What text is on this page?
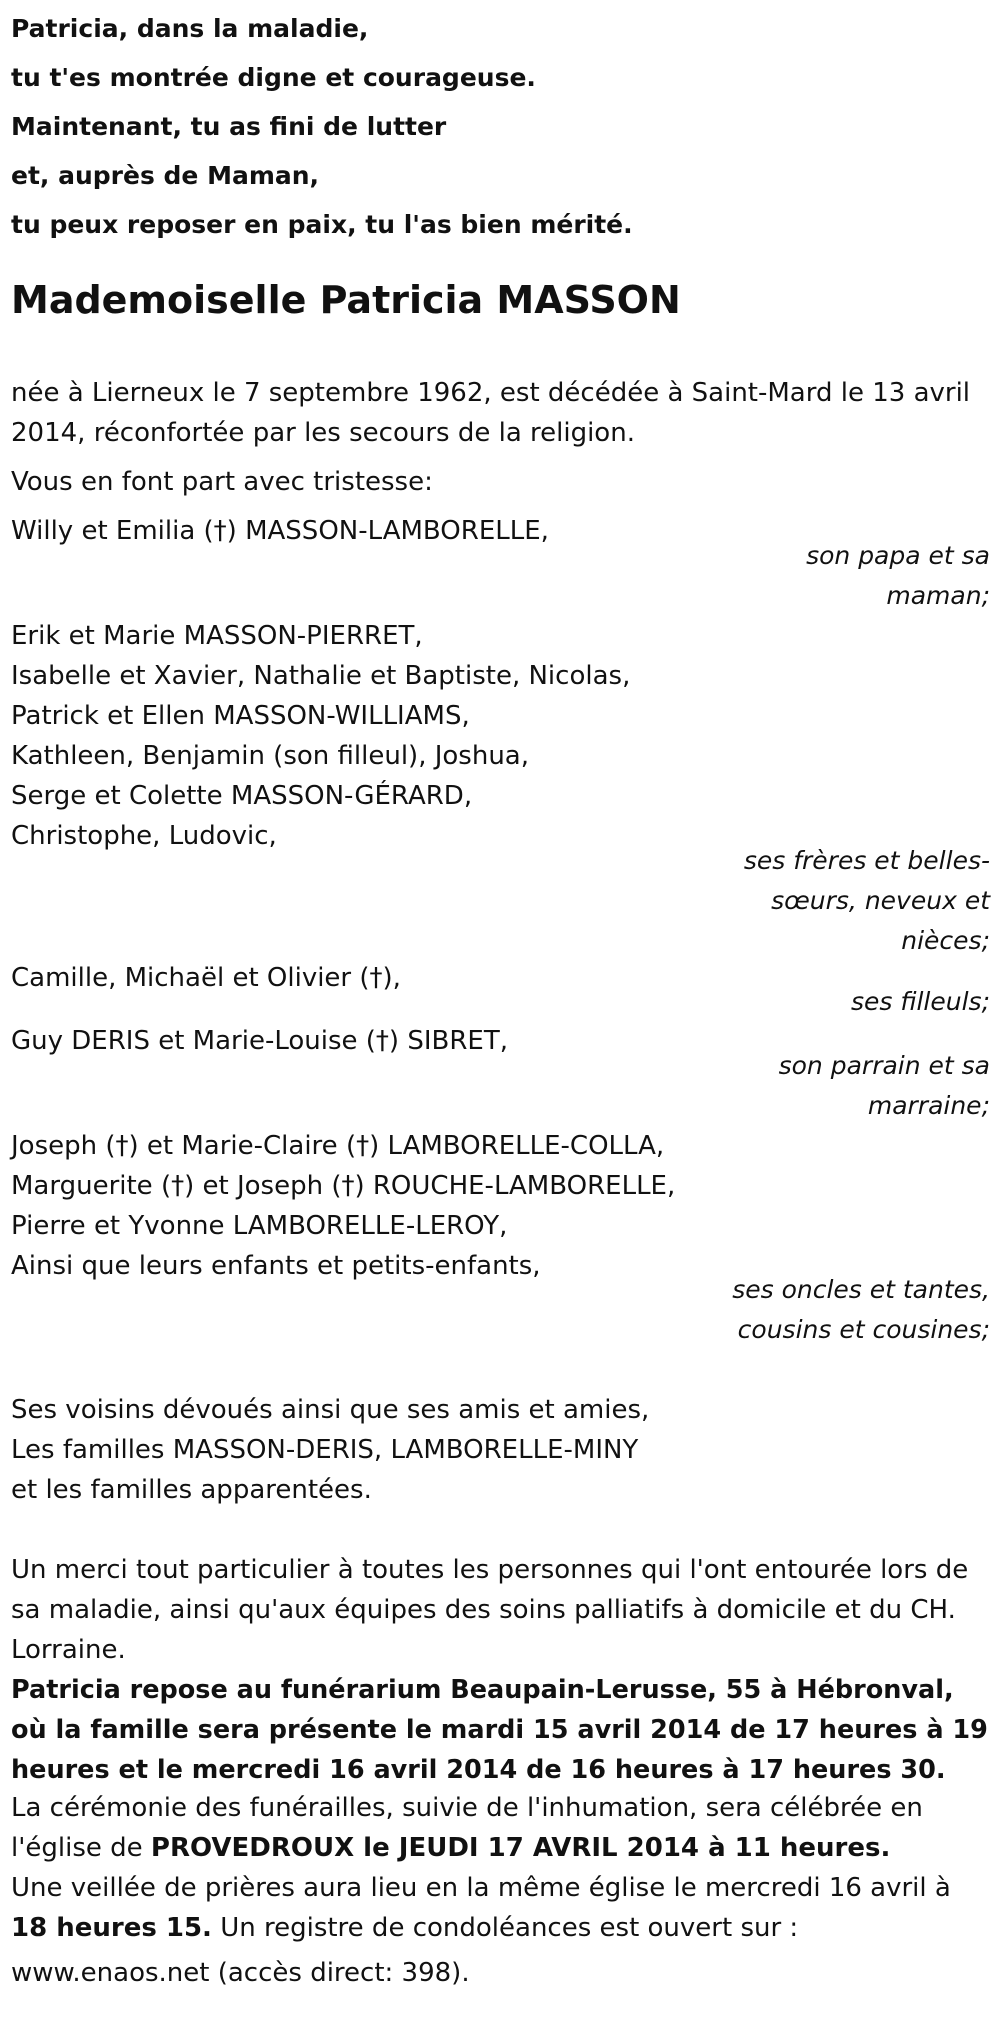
Patricia, dans la maladie,

tu t'es montrée digne et courageuse.

Maintenant, tu as fini de lutter

et, auprès de Maman,

tu peux reposer en paix, tu l'as bien mérité.

Mademoiselle Patricia MASSON

née à Lierneux le 7 septembre 1962, est décédée à Saint-Mard le 13 avril 2014, réconfortée par les secours de la religion.

Vous en font part avec tristesse:

Willy et Emilia (†) MASSON-LAMBORELLE,

son papa et sa maman;

Erik et Marie MASSON-PIERRET,

Isabelle et Xavier, Nathalie et Baptiste, Nicolas,

Patrick et Ellen MASSON-WILLIAMS,

Kathleen, Benjamin (son filleul), Joshua,

Serge et Colette MASSON-GÉRARD,

Christophe, Ludovic,

ses frères et belles-sœurs, neveux et nièces;

Camille, Michaël et Olivier (†),

ses filleuls;

Guy DERIS et Marie-Louise (†) SIBRET,

son parrain et sa marraine;

Joseph (†) et Marie-Claire (†) LAMBORELLE-COLLA,

Marguerite (†) et Joseph (†) ROUCHE-LAMBORELLE,

Pierre et Yvonne LAMBORELLE-LEROY,

Ainsi que leurs enfants et petits-enfants,

ses oncles et tantes, cousins et cousines;

Ses voisins dévoués ainsi que ses amis et amies,

Les familles MASSON-DERIS, LAMBORELLE-MINY

et les familles apparentées.

Un merci tout particulier à toutes les personnes qui l'ont entourée lors de sa maladie, ainsi qu'aux équipes des soins palliatifs à domicile et du CH. Lorraine.

Patricia repose au funérarium Beaupain-Lerusse, 55 à Hébronval, où la famille sera présente le mardi 15 avril 2014 de 17 heures à 19 heures et le mercredi 16 avril 2014 de 16 heures à 17 heures 30.

La cérémonie des funérailles, suivie de l'inhumation, sera célébrée en l'église de PROVEDROUX le JEUDI 17 AVRIL 2014 à 11 heures.

Une veillée de prières aura lieu en la même église le mercredi 16 avril à 18 heures 15. Un registre de condoléances est ouvert sur :

www.enaos.net (accès direct: 398).
